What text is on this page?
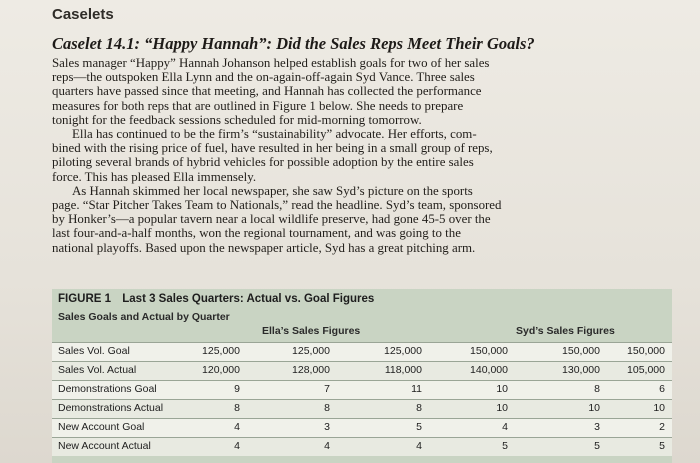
Caselets
Caselet 14.1: “Happy Hannah”: Did the Sales Reps Meet Their Goals?
Sales manager “Happy” Hannah Johanson helped establish goals for two of her sales
reps—the outspoken Ella Lynn and the on-again-off-again Syd Vance. Three sales
quarters have passed since that meeting, and Hannah has collected the performance
measures for both reps that are outlined in Figure 1 below. She needs to prepare
tonight for the feedback sessions scheduled for mid-morning tomorrow.
Ella has continued to be the firm’s “sustainability” advocate. Her efforts, com-
bined with the rising price of fuel, have resulted in her being in a small group of reps,
piloting several brands of hybrid vehicles for possible adoption by the entire sales
force. This has pleased Ella immensely.
As Hannah skimmed her local newspaper, she saw Syd’s picture on the sports
page. “Star Pitcher Takes Team to Nationals,” read the headline. Syd’s team, sponsored
by Honker’s—a popular tavern near a local wildlife preserve, had gone 45-5 over the
last four-and-a-half months, won the regional tournament, and was going to the
national playoffs. Based upon the newspaper article, Syd has a great pitching arm.
FIGURE 1 Last 3 Sales Quarters: Actual vs. Goal Figures
Sales Goals and Actual by Quarter
Ella’s Sales Figures	Syd’s Sales Figures
Sales Vol. Goal	125,000	125,000	125,000	150,000	150,000	150,000
Sales Vol. Actual	120,000	128,000	118,000	140,000	130,000	105,000
Demonstrations Goal	9	7	11	10	8	6
Demonstrations Actual	8	8	8	10	10	10
New Account Goal	4	3	5	4	3	2
New Account Actual	4	4	4	5	5	5
